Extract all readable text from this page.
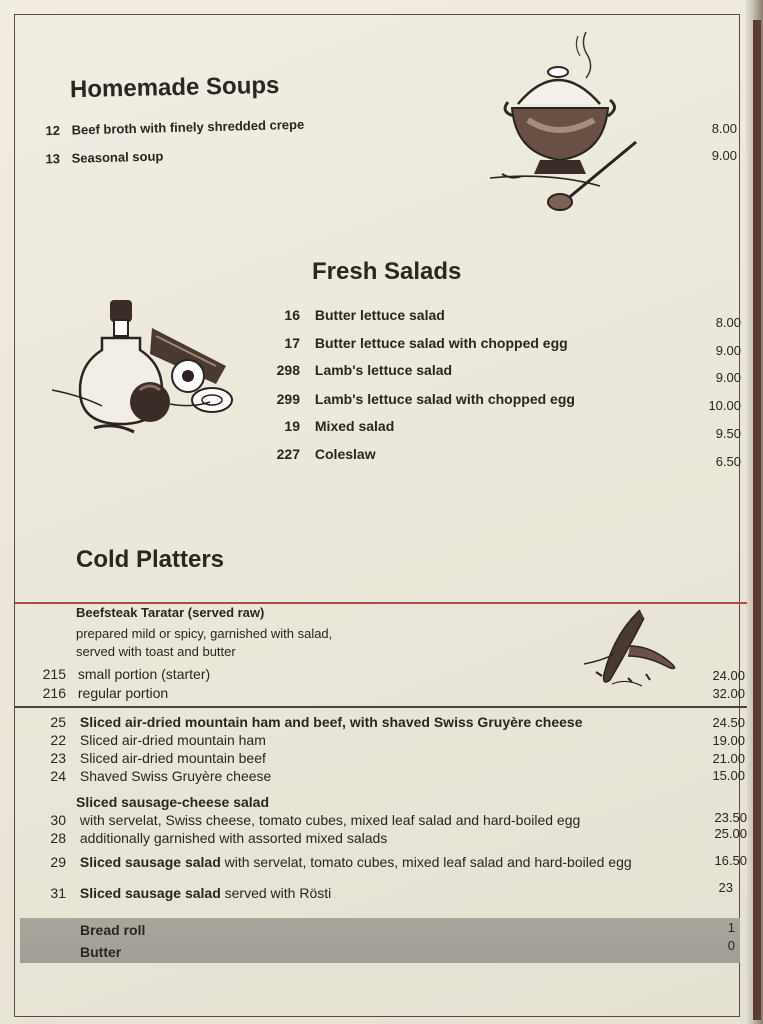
Homemade Soups
12 Beef broth with finely shredded crepe
13 Seasonal soup
8.00
9.00
Fresh Salads
16 Butter lettuce salad
17 Butter lettuce salad with chopped egg
298 Lamb's lettuce salad
299 Lamb's lettuce salad with chopped egg
19 Mixed salad
227 Coleslaw
8.00
9.00
9.00
10.00
9.50
6.50
Cold Platters
Beefsteak Taratar (served raw)
prepared mild or spicy, garnished with salad,
served with toast and butter
215 small portion (starter)
216 regular portion
24.00
32.00
25 Sliced air-dried mountain ham and beef, with shaved Swiss Gruyère cheese
22 Sliced air-dried mountain ham
23 Sliced air-dried mountain beef
24 Shaved Swiss Gruyère cheese
24.50
19.00
21.00
15.00
Sliced sausage-cheese salad
30 with servelat, Swiss cheese, tomato cubes, mixed leaf salad and hard-boiled egg
28 additionally garnished with assorted mixed salads
23.50
25.00
29 Sliced sausage salad with servelat, tomato cubes, mixed leaf salad and hard-boiled egg	16.50
31 Sliced sausage salad served with Rösti	23
Bread roll
Butter
1
0
